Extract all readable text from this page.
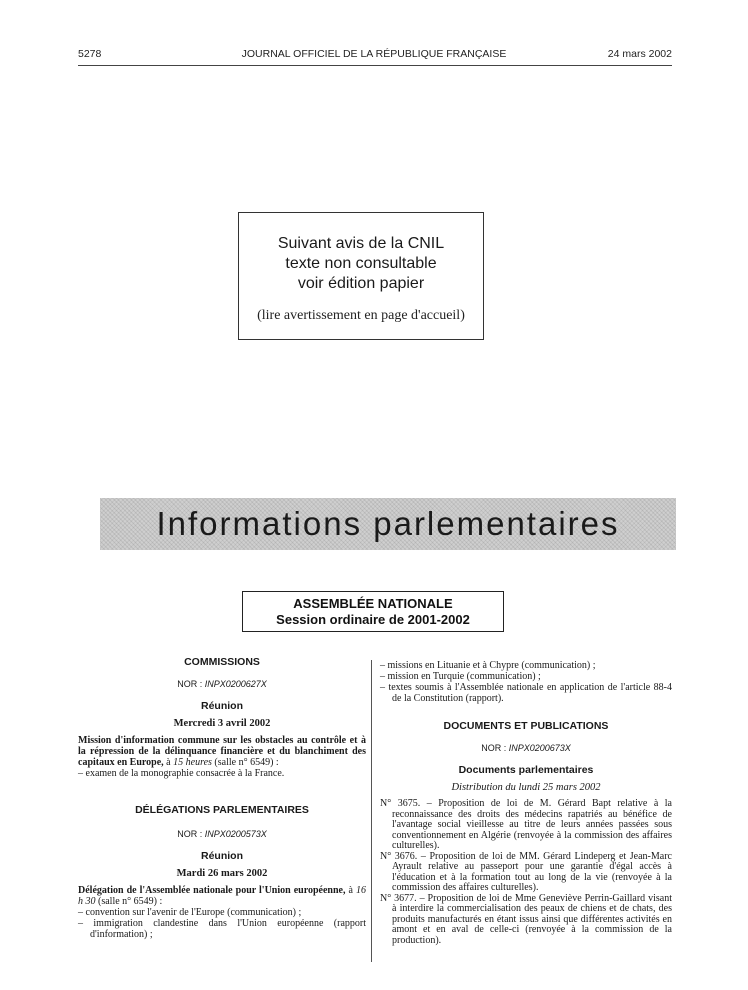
5278	JOURNAL OFFICIEL DE LA RÉPUBLIQUE FRANÇAISE	24 mars 2002
Suivant avis de la CNIL
texte non consultable
voir édition papier
(lire avertissement en page d'accueil)
Informations parlementaires
ASSEMBLÉE NATIONALE
Session ordinaire de 2001-2002
COMMISSIONS
NOR : INPX0200627X
Réunion
Mercredi 3 avril 2002
Mission d'information commune sur les obstacles au contrôle et à la répression de la délinquance financière et du blanchiment des capitaux en Europe, à 15 heures (salle n° 6549) :
– examen de la monographie consacrée à la France.
DÉLÉGATIONS PARLEMENTAIRES
NOR : INPX0200573X
Réunion
Mardi 26 mars 2002
Délégation de l'Assemblée nationale pour l'Union européenne, à 16 h 30 (salle n° 6549) :
– convention sur l'avenir de l'Europe (communication) ;
– immigration clandestine dans l'Union européenne (rapport d'information) ;
– missions en Lituanie et à Chypre (communication) ;
– mission en Turquie (communication) ;
– textes soumis à l'Assemblée nationale en application de l'article 88-4 de la Constitution (rapport).
DOCUMENTS ET PUBLICATIONS
NOR : INPX0200673X
Documents parlementaires
Distribution du lundi 25 mars 2002
N° 3675. – Proposition de loi de M. Gérard Bapt relative à la reconnaissance des droits des médecins rapatriés au bénéfice de l'avantage social vieillesse au titre de leurs années passées sous conventionnement en Algérie (renvoyée à la commission des affaires culturelles).
N° 3676. – Proposition de loi de MM. Gérard Lindeperg et Jean-Marc Ayrault relative au passeport pour une garantie d'égal accès à l'éducation et à la formation tout au long de la vie (renvoyée à la commission des affaires culturelles).
N° 3677. – Proposition de loi de Mme Geneviève Perrin-Gaillard visant à interdire la commercialisation des peaux de chiens et de chats, des produits manufacturés en étant issus ainsi que différentes activités en amont et en aval de celle-ci (renvoyée à la commission de la production).
